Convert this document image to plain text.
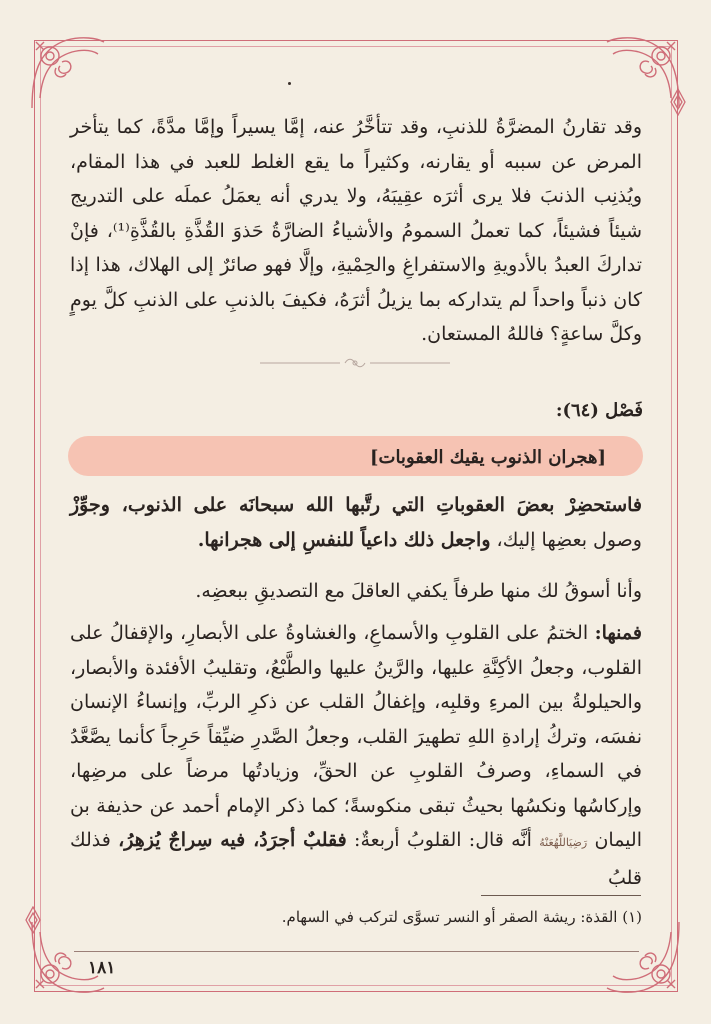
وقد تقارنُ المضرَّةُ للذنبِ، وقد تتأخَّرُ عنه، إمَّا يسيراً وإمَّا مدَّةً، كما يتأخر المرض عن سببه أو يقارنه، وكثيراً ما يقع الغلط للعبد في هذا المقام، ويُذنِب الذنبَ فلا يرى أثرَه عقِيبَهُ، ولا يدري أنه يعمَلُ عملَه على التدريج شيئاً فشيئاً، كما تعملُ السمومُ والأشياءُ الضارَّةُ حَذوَ القُذَّةِ بالقُذَّةِ⁽¹⁾، فإنْ تداركَ العبدُ بالأدويةِ والاستفراغِ والحِمْيةِ، وإلَّا فهو صائرٌ إلى الهلاك، هذا إذا كان ذنباً واحداً لم يتداركه بما يزيلُ أثرَهُ، فكيفَ بالذنبِ على الذنبِ كلَّ يومٍ وكلَّ ساعةٍ؟ فاللهُ المستعان.

فَصْل (٦٤):
[هجران الذنوب يقيك العقوبات]

فاستحضِرْ بعضَ العقوباتِ التي رتَّبها الله سبحانَه على الذنوب، وجوِّزْ وصول بعضِها إليك، واجعل ذلك داعياً للنفسِ إلى هجرانها.

وأنا أسوقُ لك منها طرفاً يكفي العاقلَ مع التصديقِ ببعضِه.

فمنها: الختمُ على القلوبِ والأسماعِ، والغشاوةُ على الأبصارِ، والإقفالُ على القلوب، وجعلُ الأكِنَّةِ عليها، والرَّينُ عليها والطَّبْعُ، وتقليبُ الأفئدة والأبصار، والحيلولةُ بين المرءِ وقلبِه، وإغفالُ القلب عن ذكرِ الربِّ، وإنساءُ الإنسان نفسَه، وتركُ إرادةِ اللهِ تطهيرَ القلب، وجعلُ الصَّدرِ ضيِّقاً حَرِجاً كأنما يصَّعَّدُ في السماءِ، وصرفُ القلوبِ عن الحقِّ، وزيادتُها مرضاً على مرضِها، وإركاسُها ونكسُها بحيثُ تبقى منكوسةً؛ كما ذكر الإمام أحمد عن حذيفة بن اليمان رَضِيَاللَّهُعَنْهُ أنَّه قال: القلوبُ أربعةٌ: فقلبٌ أجرَدُ، فيه سِراجٌ يُزهِرُ، فذلك قلبُ

(١) القذة: ريشة الصقر أو النسر تسوَّى لتركب في السهام.
١٨١
